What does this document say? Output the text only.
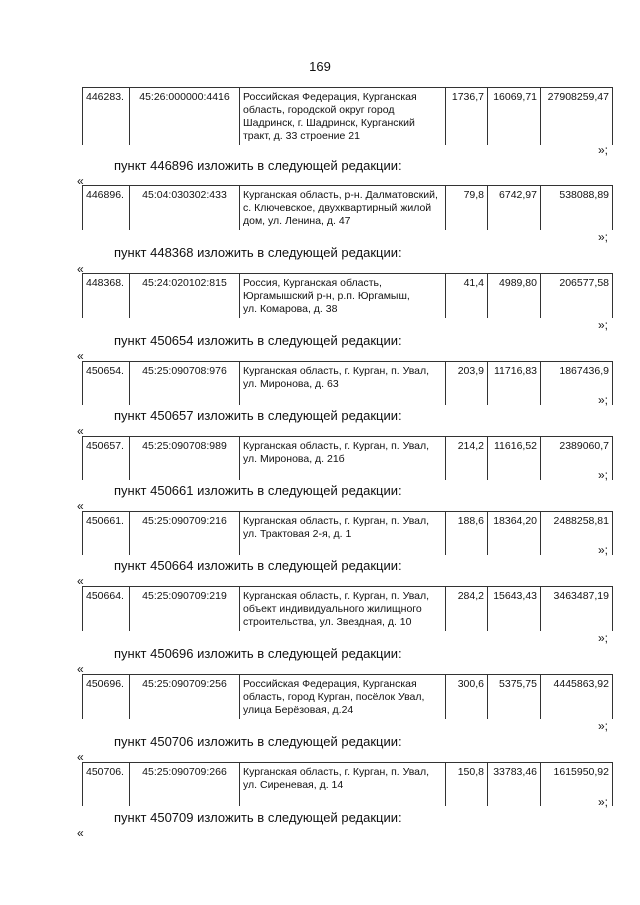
169
446283.	45:26:000000:4416	Российская Федерация, Курганская
область, городской округ город
Шадринск, г. Шадринск, Курганский
тракт, д. 33 строение 21	1736,7	16069,71	27908259,47
»;
пункт 446896 изложить в следующей редакции:
«
446896.	45:04:030302:433	Курганская область, р-н. Далматовский,
с. Ключевское, двухквартирный жилой
дом, ул. Ленина, д. 47	79,8	6742,97	538088,89
»;
пункт 448368 изложить в следующей редакции:
«
448368.	45:24:020102:815	Россия, Курганская область,
Юргамышский р-н, р.п. Юргамыш,
ул. Комарова, д. 38	41,4	4989,80	206577,58
»;
пункт 450654 изложить в следующей редакции:
«
450654.	45:25:090708:976	Курганская область, г. Курган, п. Увал,
ул. Миронова, д. 63	203,9	11716,83	1867436,9
»;
пункт 450657 изложить в следующей редакции:
«
450657.	45:25:090708:989	Курганская область, г. Курган, п. Увал,
ул. Миронова, д. 21б	214,2	11616,52	2389060,7
»;
пункт 450661 изложить в следующей редакции:
«
450661.	45:25:090709:216	Курганская область, г. Курган, п. Увал,
ул. Трактовая 2-я, д. 1	188,6	18364,20	2488258,81
»;
пункт 450664 изложить в следующей редакции:
«
450664.	45:25:090709:219	Курганская область, г. Курган, п. Увал,
объект индивидуального жилищного
строительства, ул. Звездная, д. 10	284,2	15643,43	3463487,19
»;
пункт 450696 изложить в следующей редакции:
«
450696.	45:25:090709:256	Российская Федерация, Курганская
область, город Курган, посёлок Увал,
улица Берёзовая, д.24	300,6	5375,75	4445863,92
»;
пункт 450706 изложить в следующей редакции:
«
450706.	45:25:090709:266	Курганская область, г. Курган, п. Увал,
ул. Сиреневая, д. 14	150,8	33783,46	1615950,92
»;
пункт 450709 изложить в следующей редакции:
«
